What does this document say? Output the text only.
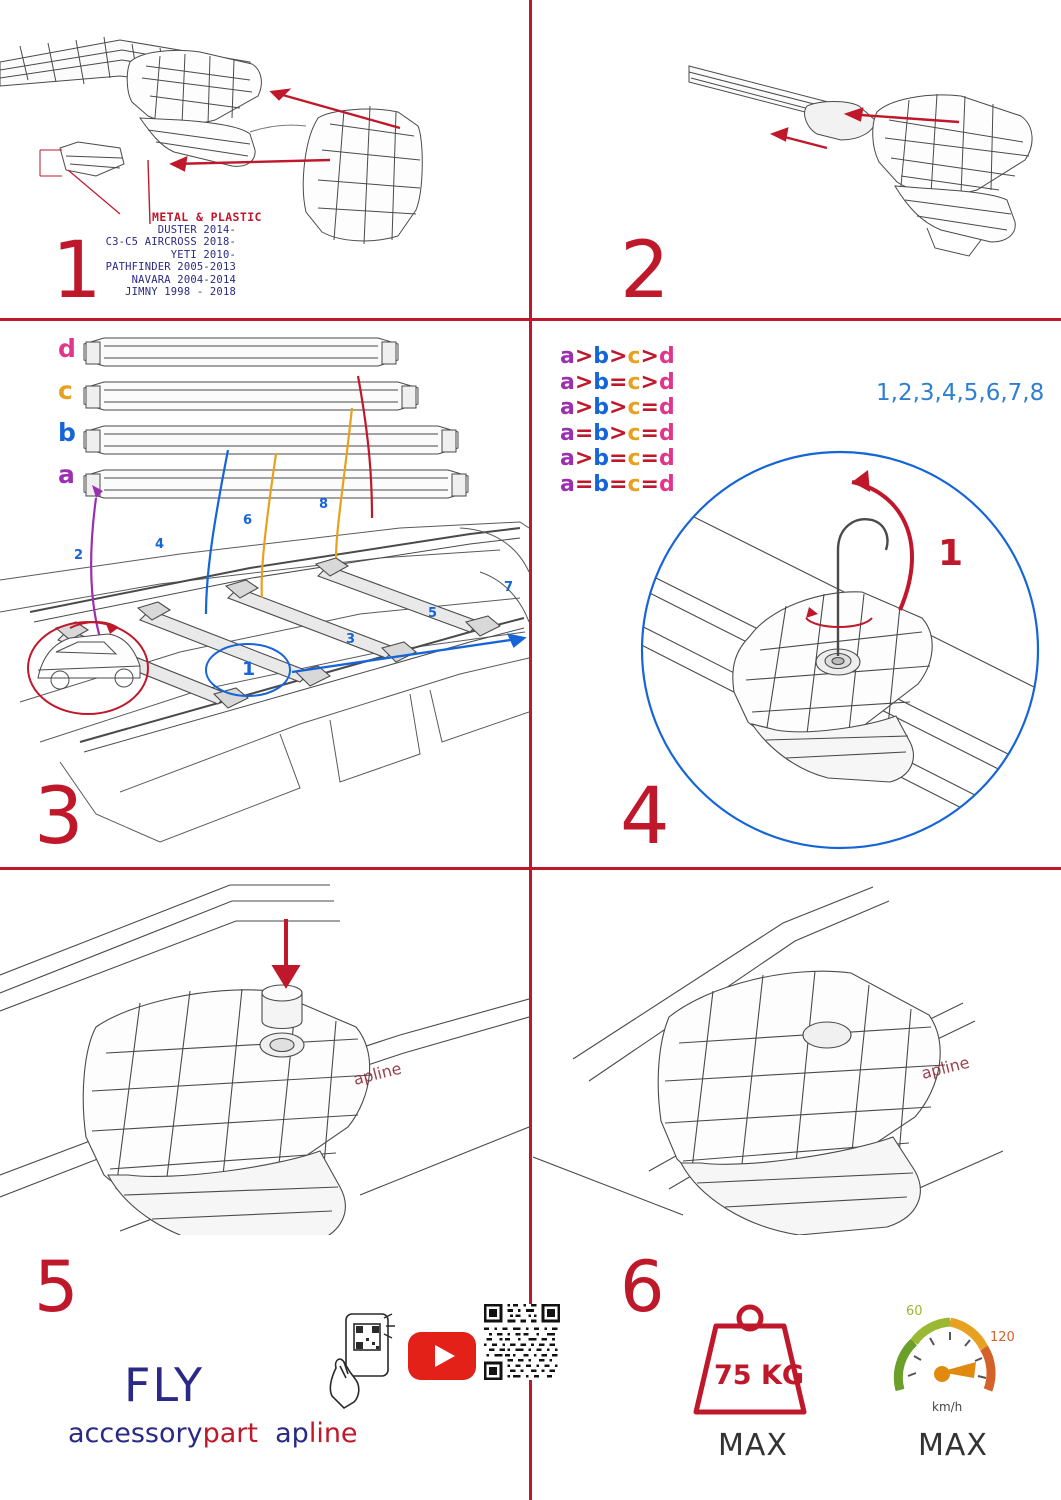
METAL & PLASTIC
DUSTER 2014-
C3-C5 AIRCROSS 2018-
YETI 2010-
PATHFINDER 2005-2013
NAVARA 2004-2014
JIMNY 1998 - 2018
1	2
d
c
b
a
2
4
6
8
7
5
3
1
3
a>b>c>d
a>b=c>d
a>b>c=d
a=b>c=d
a>b=c=d
a=b=c=d
1,2,3,4,5,6,7,8
1
4
apline	apline
5	6
FLY
accessorypart apline
75 KG
MAX
60
120
km/h
MAX
